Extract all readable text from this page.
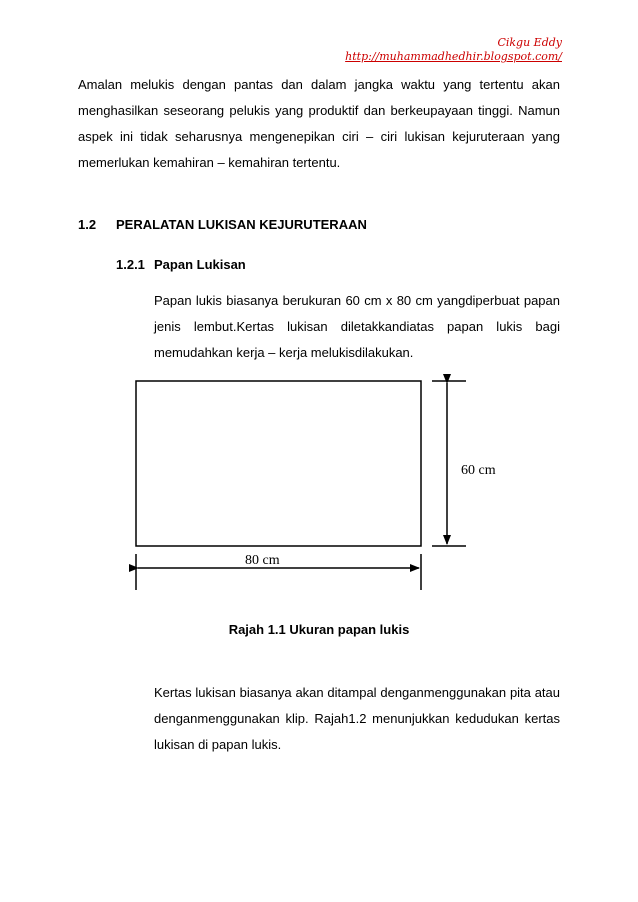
Cikgu Eddy
http://muhammadhedhir.blogspot.com/

Amalan melukis dengan pantas dan dalam jangka waktu yang tertentu akan menghasilkan seseorang pelukis yang produktif dan berkeupayaan tinggi. Namun aspek ini tidak seharusnya mengenepikan ciri – ciri lukisan kejuruteraan yang memerlukan kemahiran – kemahiran tertentu.

1.2 PERALATAN LUKISAN KEJURUTERAAN
1.2.1 Papan Lukisan

Papan lukis biasanya berukuran 60 cm x 80 cm yangdiperbuat papan jenis lembut.Kertas lukisan diletakkandiatas papan lukis bagi memudahkan kerja – kerja melukisdilakukan.

60 cm
80 cm
Rajah 1.1 Ukuran papan lukis

Kertas lukisan biasanya akan ditampal denganmenggunakan pita atau denganmenggunakan klip. Rajah1.2 menunjukkan kedudukan kertas lukisan di papan lukis.
